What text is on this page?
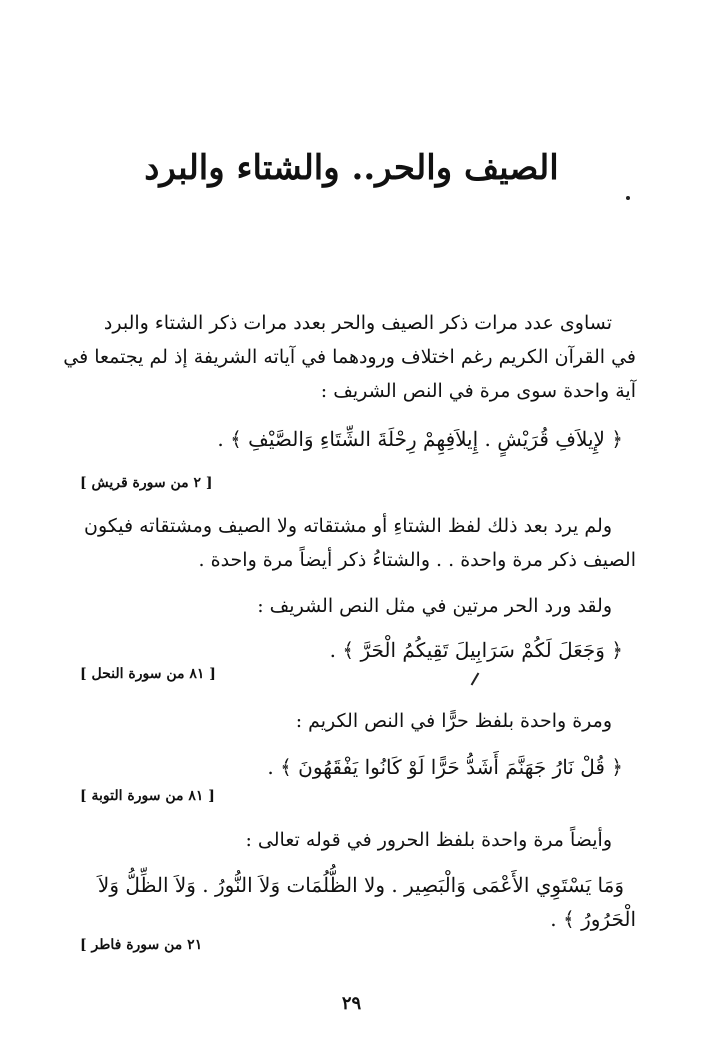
الصيف والحر.. والشتاء والبرد

تساوى عدد مرات ذكر الصيف والحر بعدد مرات ذكر الشتاء والبرد
في القرآن الكريم رغم اختلاف ورودهما في آياته الشريفة إذ لم يجتمعا في
آية واحدة سوى مرة في النص الشريف :

﴿ لإِيلاَفِ قُرَيْشٍ . إِيلاَفِهِمْ رِحْلَةَ الشِّتَاءِ وَالصَّيْفِ ﴾ .

[ ٢ من سورة قريش ]

ولم يرد بعد ذلك لفظ الشتاءِ أو مشتقاته ولا الصيف ومشتقاته فيكون
الصيف ذكر مرة واحدة . . والشتاءُ ذكر أيضاً مرة واحدة .

ولقد ورد الحر مرتين في مثل النص الشريف :

﴿ وَجَعَلَ لَكُمْ سَرَابِيلَ تَقِيكُمُ الْحَرَّ ﴾ .

[ ٨١ من سورة النحل ]

ومرة واحدة بلفظ حرًّا في النص الكريم :

﴿ قُلْ نَارُ جَهَنَّمَ أَشَدُّ حَرًّا لَوْ كَانُوا يَفْقَهُونَ ﴾ .

[ ٨١ من سورة التوبة ]

وأيضاً مرة واحدة بلفظ الحرور في قوله تعالى :

وَمَا يَسْتَوِي الأَعْمَى وَالْبَصِير . ولا الظُّلُمَات وَلاَ النُّورُ . وَلاَ الظِّلُّ وَلاَ
الْحَرُورُ ﴾ .

٢١ من سورة فاطر ]

٢٩
